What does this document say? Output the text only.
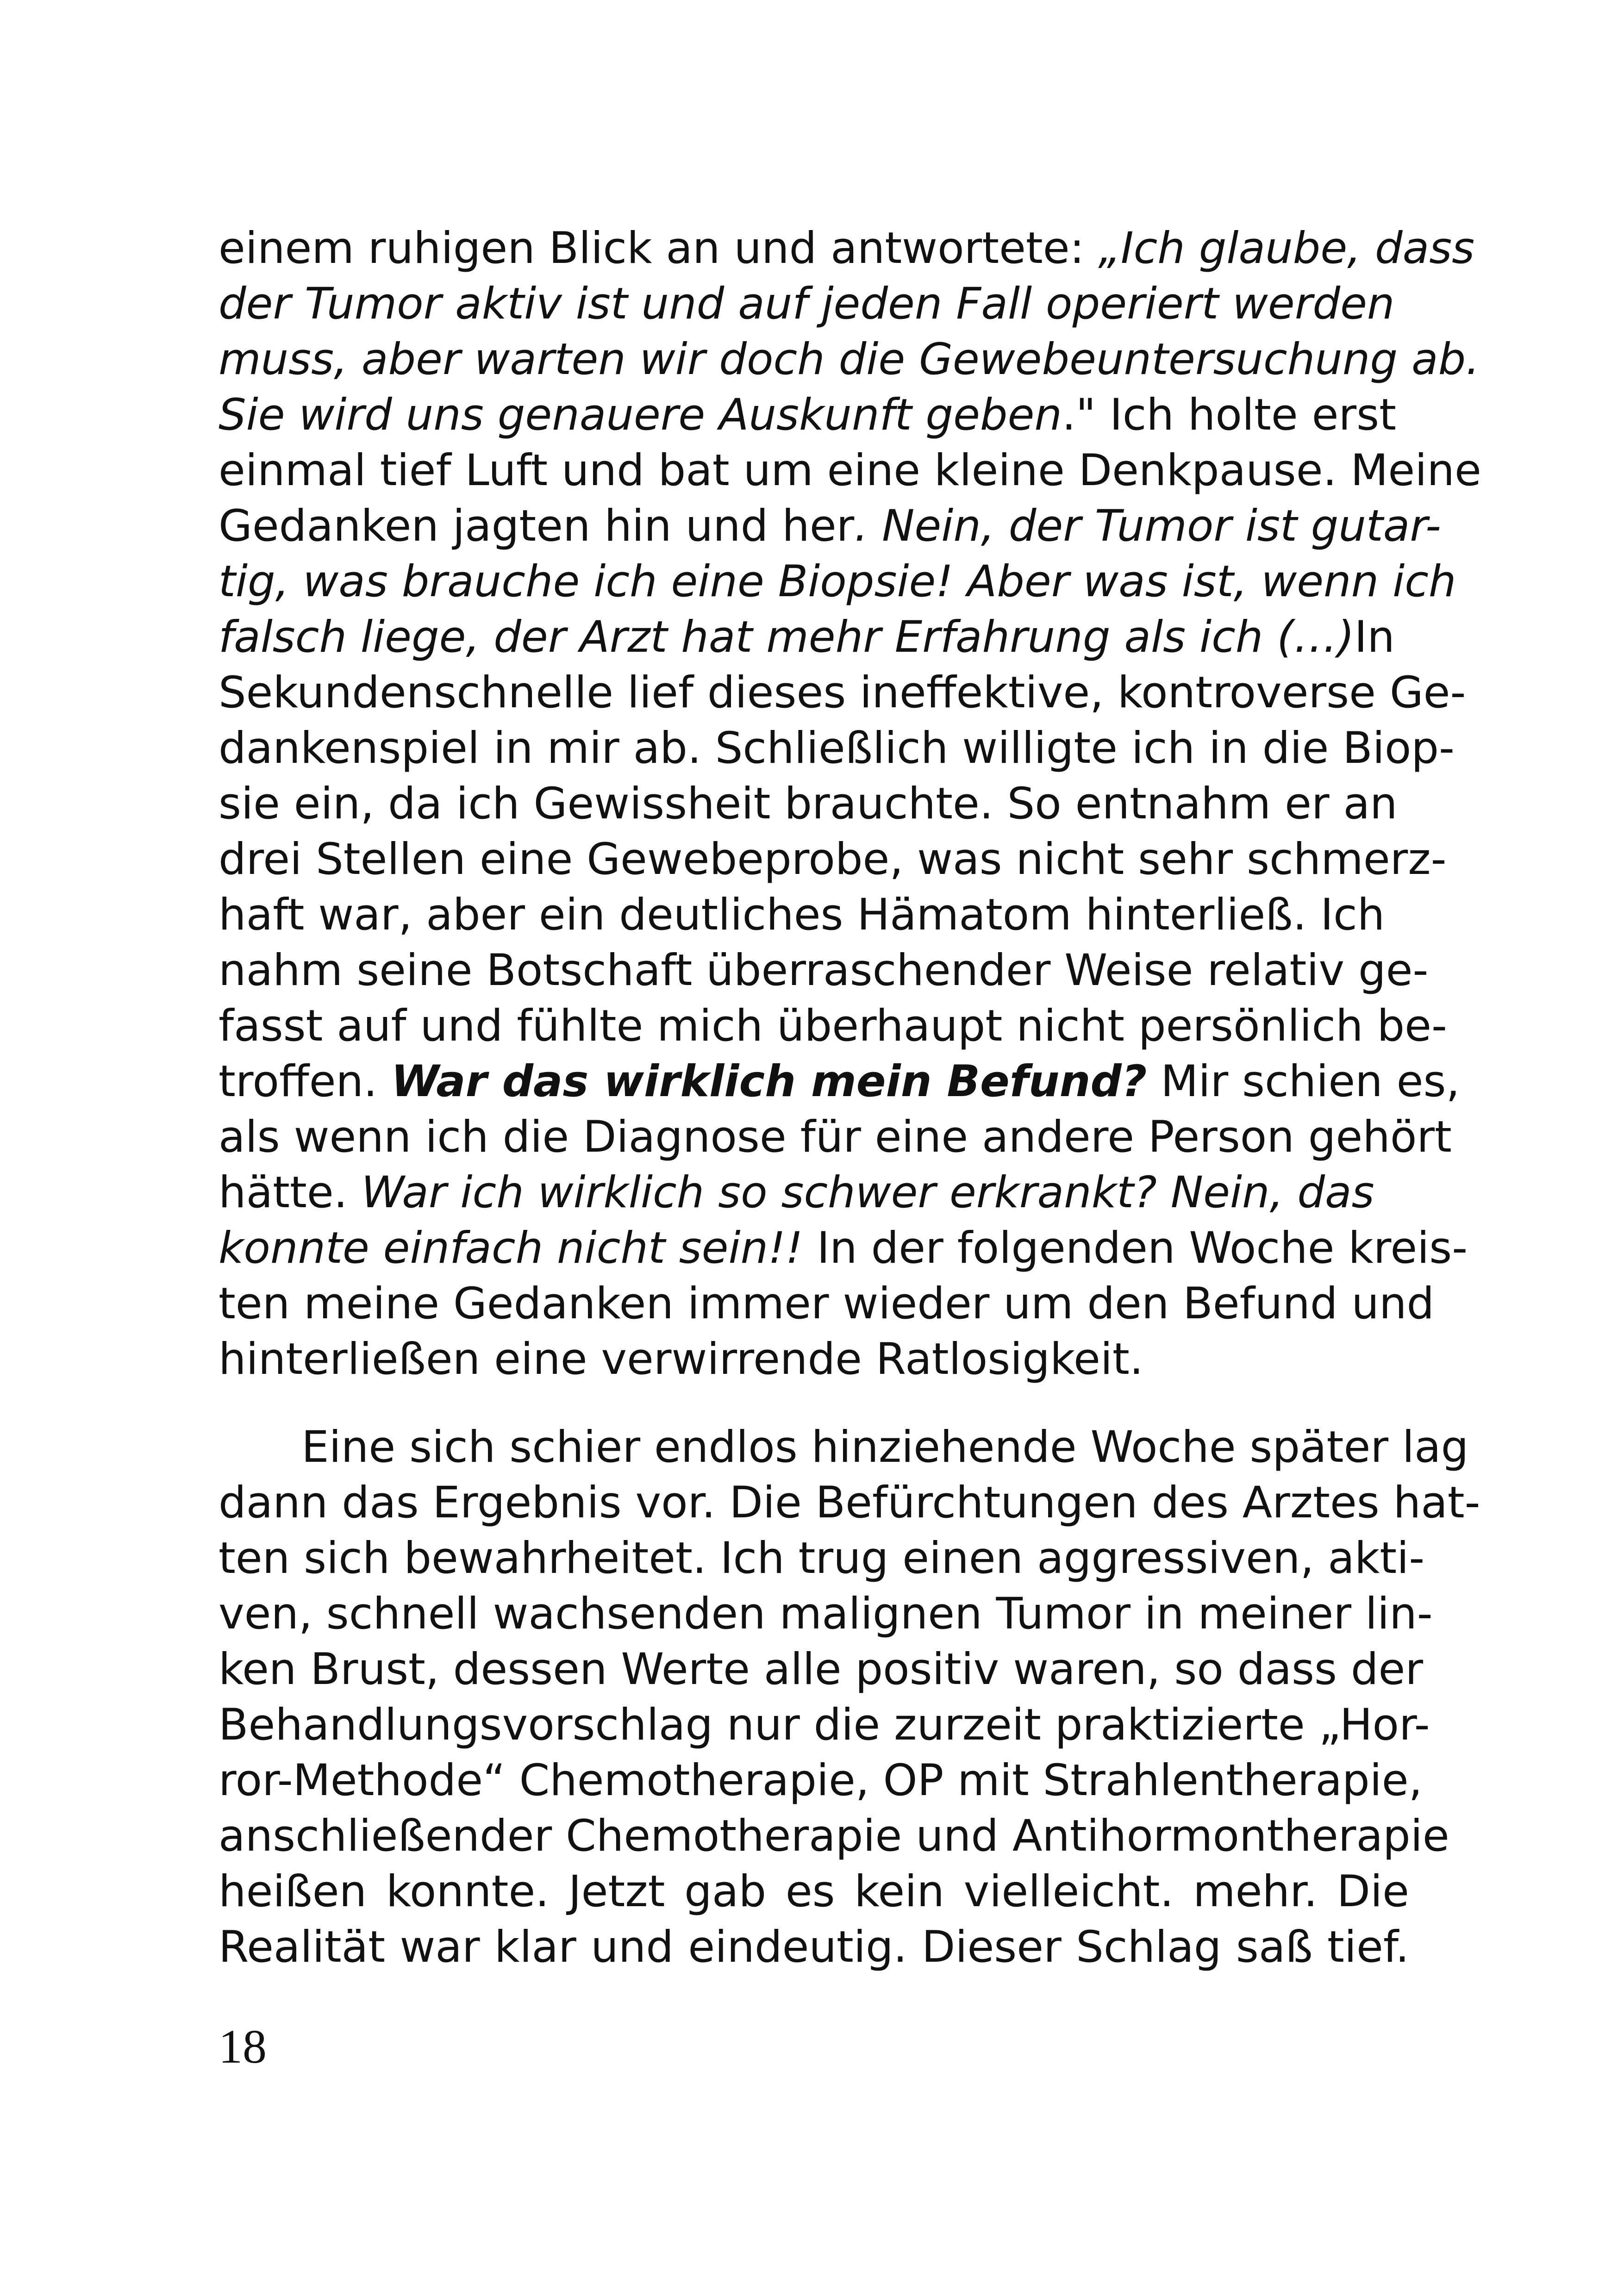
einem ruhigen Blick an und antwortete: „Ich glaube, dass
der Tumor aktiv ist und auf jeden Fall operiert werden
muss, aber warten wir doch die Gewebeuntersuchung ab.
Sie wird uns genauere Auskunft geben." Ich holte erst
einmal tief Luft und bat um eine kleine Denkpause. Meine
Gedanken jagten hin und her. Nein, der Tumor ist gutar-
tig, was brauche ich eine Biopsie! Aber was ist, wenn ich
falsch liege, der Arzt hat mehr Erfahrung als ich (…)In
Sekundenschnelle lief dieses ineffektive, kontroverse Ge-
dankenspiel in mir ab. Schließlich willigte ich in die Biop-
sie ein, da ich Gewissheit brauchte. So entnahm er an
drei Stellen eine Gewebeprobe, was nicht sehr schmerz-
haft war, aber ein deutliches Hämatom hinterließ. Ich
nahm seine Botschaft überraschender Weise relativ ge-
fasst auf und fühlte mich überhaupt nicht persönlich be-
troffen. War das wirklich mein Befund? Mir schien es,
als wenn ich die Diagnose für eine andere Person gehört
hätte. War ich wirklich so schwer erkrankt? Nein, das
konnte einfach nicht sein!! In der folgenden Woche kreis-
ten meine Gedanken immer wieder um den Befund und
hinterließen eine verwirrende Ratlosigkeit.
Eine sich schier endlos hinziehende Woche später lag
dann das Ergebnis vor. Die Befürchtungen des Arztes hat-
ten sich bewahrheitet. Ich trug einen aggressiven, akti-
ven, schnell wachsenden malignen Tumor in meiner lin-
ken Brust, dessen Werte alle positiv waren, so dass der
Behandlungsvorschlag nur die zurzeit praktizierte „Hor-
ror-Methode“ Chemotherapie, OP mit Strahlentherapie,
anschließender Chemotherapie und Antihormontherapie
heißen konnte. Jetzt gab es kein vielleicht. mehr. Die
Realität war klar und eindeutig. Dieser Schlag saß tief.
18
